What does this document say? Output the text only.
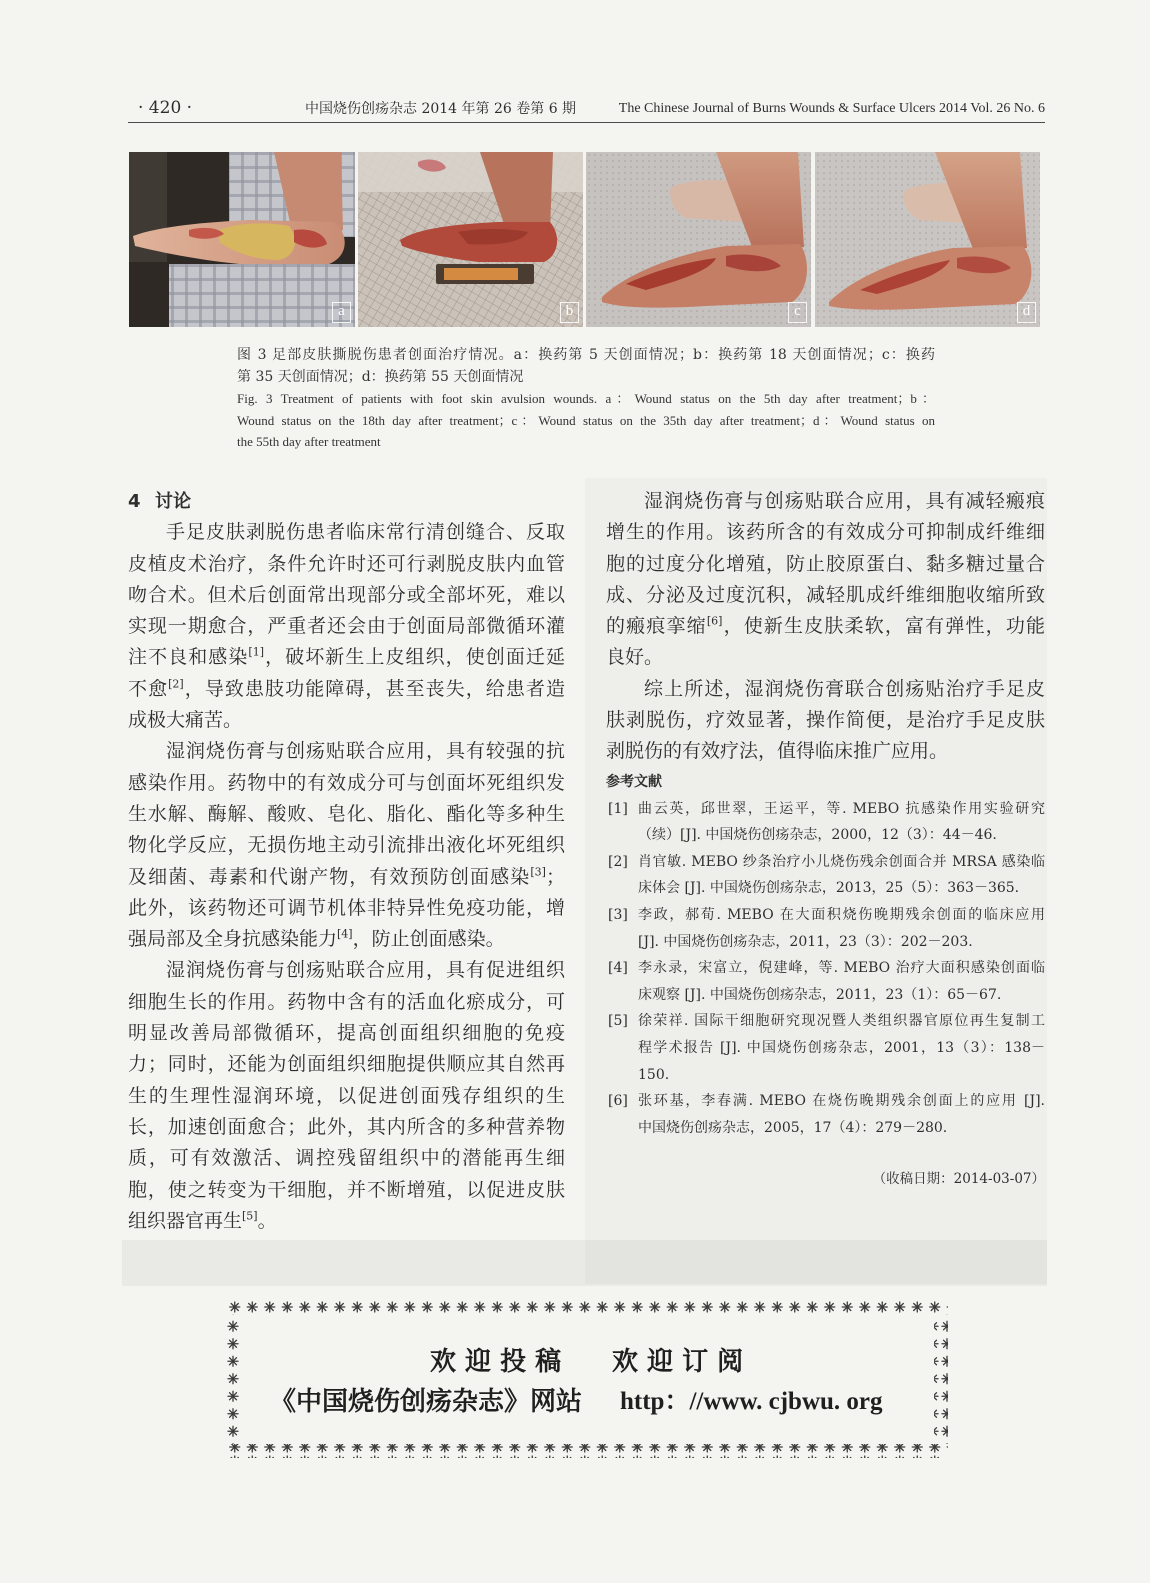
· 420 ·	中国烧伤创疡杂志 2014 年第 26 卷第 6 期	The Chinese Journal of Burns Wounds & Surface Ulcers 2014 Vol. 26 No. 6
a	b	c	d
图 3 足部皮肤撕脱伤患者创面治疗情况。a：换药第 5 天创面情况；b：换药第 18 天创面情况；c：换药
第 35 天创面情况；d：换药第 55 天创面情况
Fig. 3 Treatment of patients with foot skin avulsion wounds. a：Wound status on the 5th day after treatment；b：
Wound status on the 18th day after treatment；c：Wound status on the 35th day after treatment；d：Wound status on
the 55th day after treatment
4 讨论
手足皮肤剥脱伤患者临床常行清创缝合、反取
皮植皮术治疗，条件允许时还可行剥脱皮肤内血管
吻合术。但术后创面常出现部分或全部坏死，难以
实现一期愈合，严重者还会由于创面局部微循环灌
注不良和感染[1]，破坏新生上皮组织，使创面迁延
不愈[2]，导致患肢功能障碍，甚至丧失，给患者造
成极大痛苦。
湿润烧伤膏与创疡贴联合应用，具有较强的抗
感染作用。药物中的有效成分可与创面坏死组织发
生水解、酶解、酸败、皂化、脂化、酯化等多种生
物化学反应，无损伤地主动引流排出液化坏死组织
及细菌、毒素和代谢产物，有效预防创面感染[3]；
此外，该药物还可调节机体非特异性免疫功能，增
强局部及全身抗感染能力[4]，防止创面感染。
湿润烧伤膏与创疡贴联合应用，具有促进组织
细胞生长的作用。药物中含有的活血化瘀成分，可
明显改善局部微循环，提高创面组织细胞的免疫
力；同时，还能为创面组织细胞提供顺应其自然再
生的生理性湿润环境，以促进创面残存组织的生
长，加速创面愈合；此外，其内所含的多种营养物
质，可有效激活、调控残留组织中的潜能再生细
胞，使之转变为干细胞，并不断增殖，以促进皮肤
组织器官再生[5]。
湿润烧伤膏与创疡贴联合应用，具有减轻瘢痕
增生的作用。该药所含的有效成分可抑制成纤维细
胞的过度分化增殖，防止胶原蛋白、黏多糖过量合
成、分泌及过度沉积，减轻肌成纤维细胞收缩所致
的瘢痕挛缩[6]，使新生皮肤柔软，富有弹性，功能
良好。
综上所述，湿润烧伤膏联合创疡贴治疗手足皮
肤剥脱伤，疗效显著，操作简便，是治疗手足皮肤
剥脱伤的有效疗法，值得临床推广应用。
参考文献
[1] 曲云英，邱世翠，王运平，等. MEBO 抗感染作用实验研究
（续）[J]. 中国烧伤创疡杂志，2000，12（3）：44－46.
[2] 肖官敏. MEBO 纱条治疗小儿烧伤残余创面合并 MRSA 感染临
床体会 [J]. 中国烧伤创疡杂志，2013，25（5）：363－365.
[3] 李政，郝荀. MEBO 在大面积烧伤晚期残余创面的临床应用
[J]. 中国烧伤创疡杂志，2011，23（3）：202－203.
[4] 李永录，宋富立，倪建峰，等. MEBO 治疗大面积感染创面临
床观察 [J]. 中国烧伤创疡杂志，2011，23（1）：65－67.
[5] 徐荣祥. 国际干细胞研究现况暨人类组织器官原位再生复制工
程学术报告 [J]. 中国烧伤创疡杂志，2001，13（3）：138－
150.
[6] 张环基，李春满. MEBO 在烧伤晚期残余创面上的应用 [J].
中国烧伤创疡杂志，2005，17（4）：279－280.
（收稿日期：2014-03-07）
欢 迎 投 稿 欢 迎 订 阅
《中国烧伤创疡杂志》网站 http：//www. cjbwu. org
